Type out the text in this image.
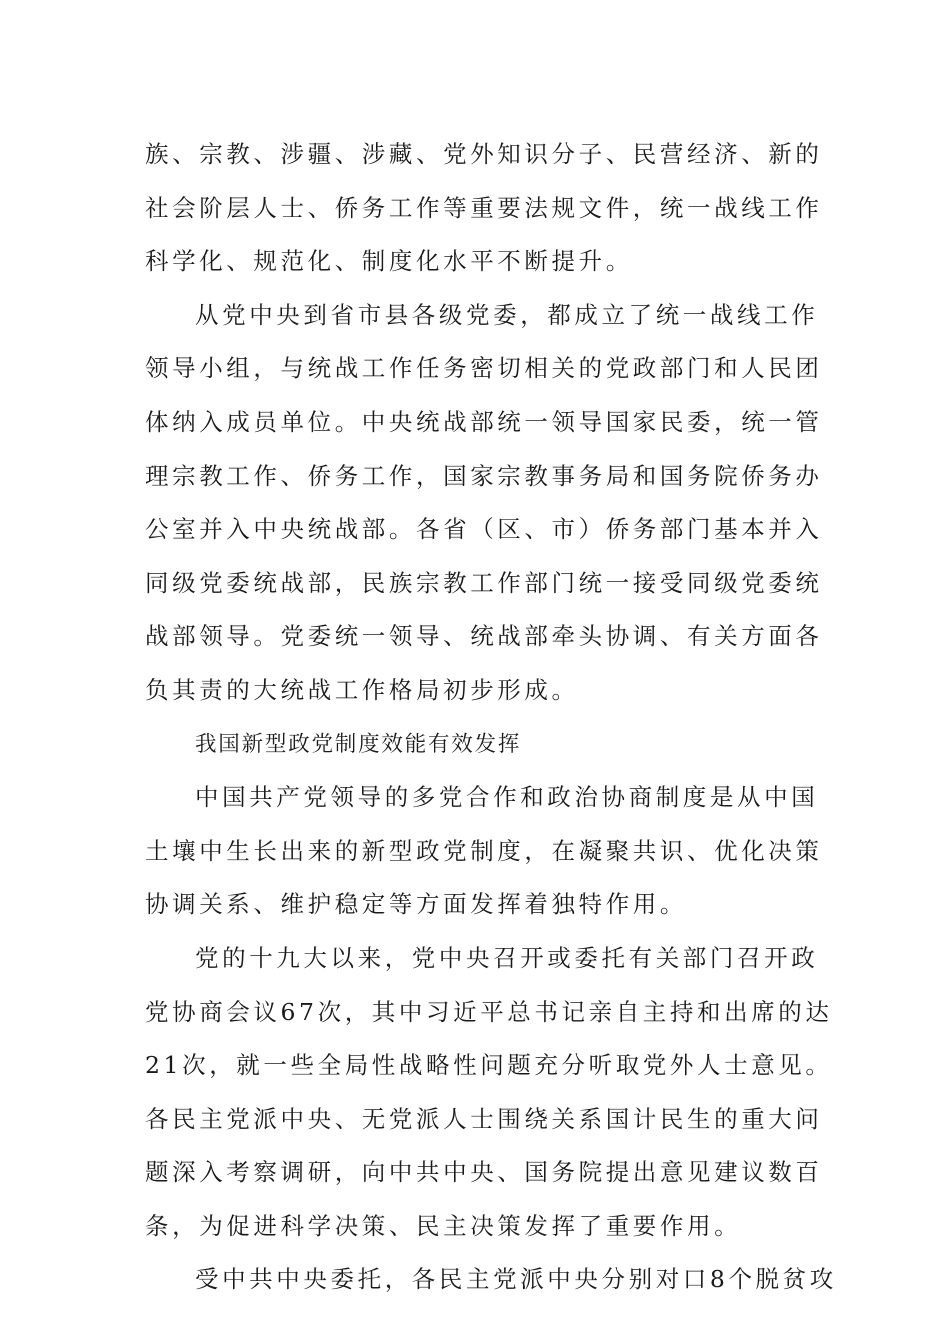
族、宗教、涉疆、涉藏、党外知识分子、民营经济、新的
社会阶层人士、侨务工作等重要法规文件，统一战线工作
科学化、规范化、制度化水平不断提升。
从党中央到省市县各级党委，都成立了统一战线工作
领导小组，与统战工作任务密切相关的党政部门和人民团
体纳入成员单位。中央统战部统一领导国家民委，统一管
理宗教工作、侨务工作，国家宗教事务局和国务院侨务办
公室并入中央统战部。各省（区、市）侨务部门基本并入
同级党委统战部，民族宗教工作部门统一接受同级党委统
战部领导。党委统一领导、统战部牵头协调、有关方面各
负其责的大统战工作格局初步形成。
我国新型政党制度效能有效发挥
中国共产党领导的多党合作和政治协商制度是从中国
土壤中生长出来的新型政党制度，在凝聚共识、优化决策
协调关系、维护稳定等方面发挥着独特作用。
党的十九大以来，党中央召开或委托有关部门召开政
党协商会议67次，其中习近平总书记亲自主持和出席的达
21次，就一些全局性战略性问题充分听取党外人士意见。
各民主党派中央、无党派人士围绕关系国计民生的重大问
题深入考察调研，向中共中央、国务院提出意见建议数百
条，为促进科学决策、民主决策发挥了重要作用。
受中共中央委托，各民主党派中央分别对口8个脱贫攻
